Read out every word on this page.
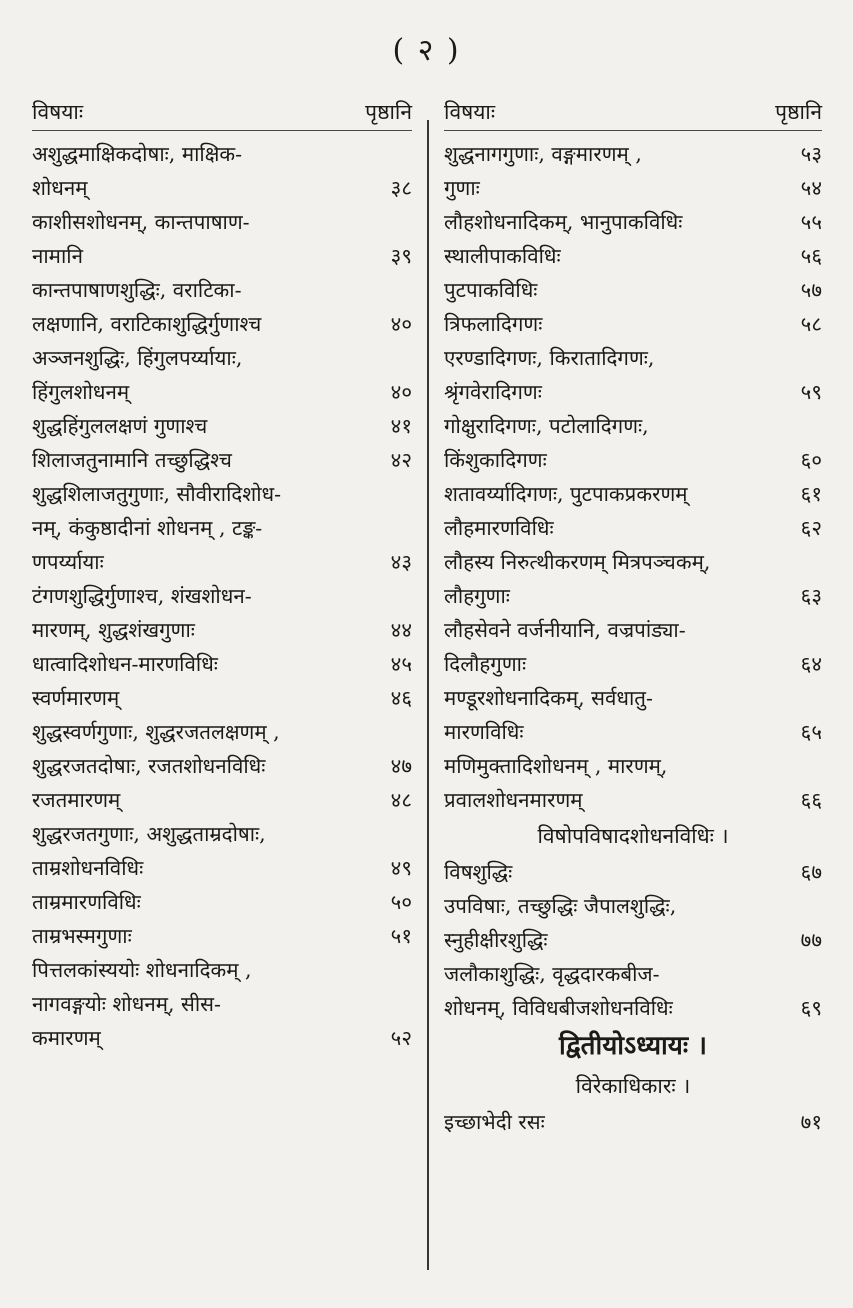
( २ )
विषयाः	पृष्ठानि
अशुद्धमाक्षिकदोषाः, माक्षिक-
शोधनम्	३८
काशीसशोधनम्, कान्तपाषाण-
नामानि	३९
कान्तपाषाणशुद्धिः, वराटिका-
लक्षणानि, वराटिकाशुद्धिर्गुणाश्च	४०
अञ्जनशुद्धिः, हिंगुलपर्य्यायाः,
हिंगुलशोधनम्	४०
शुद्धहिंगुललक्षणं गुणाश्च	४१
शिलाजतुनामानि तच्छुद्धिश्च	४२
शुद्धशिलाजतुगुणाः, सौवीरादिशोध-
नम्, कंकुष्ठादीनां शोधनम् , टङ्क-
णपर्य्यायाः	४३
टंगणशुद्धिर्गुणाश्च, शंखशोधन-
मारणम्, शुद्धशंखगुणाः	४४
धात्वादिशोधन-मारणविधिः	४५
स्वर्णमारणम्	४६
शुद्धस्वर्णगुणाः, शुद्धरजतलक्षणम् ,
शुद्धरजतदोषाः, रजतशोधनविधिः	४७
रजतमारणम्	४८
शुद्धरजतगुणाः, अशुद्धताम्रदोषाः,
ताम्रशोधनविधिः	४९
ताम्रमारणविधिः	५०
ताम्रभस्मगुणाः	५१
पित्तलकांस्ययोः शोधनादिकम् ,
नागवङ्गयोः शोधनम्, सीस-
कमारणम्	५२
विषयाः	पृष्ठानि
शुद्धनागगुणाः, वङ्गमारणम् ,	५३
गुणाः	५४
लौहशोधनादिकम्, भानुपाकविधिः	५५
स्थालीपाकविधिः	५६
पुटपाकविधिः	५७
त्रिफलादिगणः	५८
एरण्डादिगणः, किरातादिगणः,
श्रृंगवेरादिगणः	५९
गोक्षुरादिगणः, पटोलादिगणः,
किंशुकादिगणः	६०
शतावर्य्यादिगणः, पुटपाकप्रकरणम्	६१
लौहमारणविधिः	६२
लौहस्य निरुत्थीकरणम् मित्रपञ्चकम्,
लौहगुणाः	६३
लौहसेवने वर्जनीयानि, वज्रपांड्या-
दिलौहगुणाः	६४
मण्डूरशोधनादिकम्, सर्वधातु-
मारणविधिः	६५
मणिमुक्तादिशोधनम् , मारणम्,
प्रवालशोधनमारणम्	६६
विषोपविषादशोधनविधिः ।
विषशुद्धिः	६७
उपविषाः, तच्छुद्धिः जैपालशुद्धिः,
स्नुहीक्षीरशुद्धिः	७७
जलौकाशुद्धिः, वृद्धदारकबीज-
शोधनम्, विविधबीजशोधनविधिः	६९
द्वितीयोऽध्यायः ।
विरेकाधिकारः ।
इच्छाभेदी रसः	७१
